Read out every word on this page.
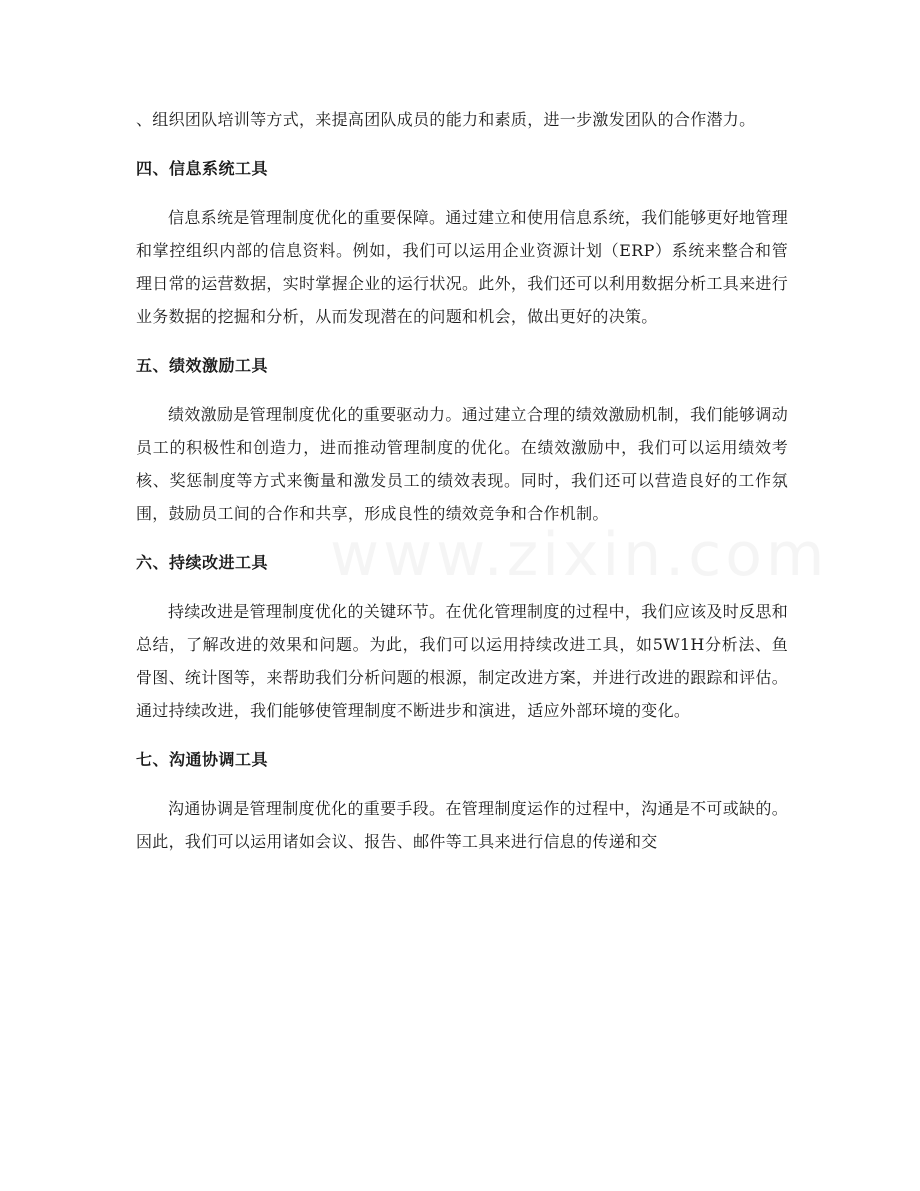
www.zixin.com

、组织团队培训等方式，来提高团队成员的能力和素质，进一步激发团队的合作潜力。

四、信息系统工具

信息系统是管理制度优化的重要保障。通过建立和使用信息系统，我们能够更好地管理和掌控组织内部的信息资料。例如，我们可以运用企业资源计划（ERP）系统来整合和管理日常的运营数据，实时掌握企业的运行状况。此外，我们还可以利用数据分析工具来进行业务数据的挖掘和分析，从而发现潜在的问题和机会，做出更好的决策。

五、绩效激励工具

绩效激励是管理制度优化的重要驱动力。通过建立合理的绩效激励机制，我们能够调动员工的积极性和创造力，进而推动管理制度的优化。在绩效激励中，我们可以运用绩效考核、奖惩制度等方式来衡量和激发员工的绩效表现。同时，我们还可以营造良好的工作氛围，鼓励员工间的合作和共享，形成良性的绩效竞争和合作机制。

六、持续改进工具

持续改进是管理制度优化的关键环节。在优化管理制度的过程中，我们应该及时反思和总结，了解改进的效果和问题。为此，我们可以运用持续改进工具，如5W1H分析法、鱼骨图、统计图等，来帮助我们分析问题的根源，制定改进方案，并进行改进的跟踪和评估。通过持续改进，我们能够使管理制度不断进步和演进，适应外部环境的变化。

七、沟通协调工具

沟通协调是管理制度优化的重要手段。在管理制度运作的过程中，沟通是不可或缺的。因此，我们可以运用诸如会议、报告、邮件等工具来进行信息的传递和交
